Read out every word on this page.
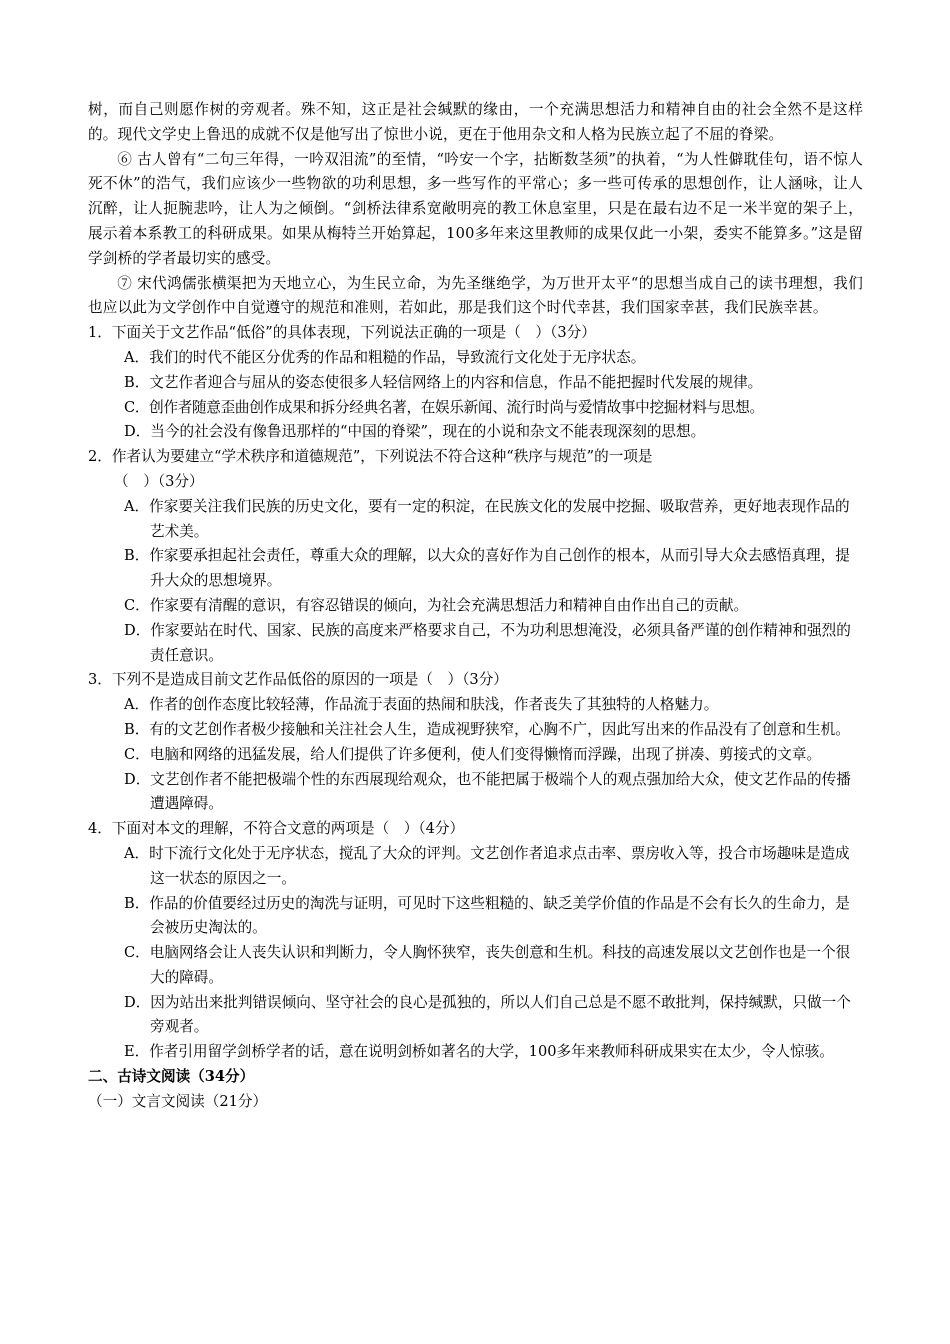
树，而自己则愿作树的旁观者。殊不知，这正是社会缄默的缘由，一个充满思想活力和精神自由的社会全然不是这样的。现代文学史上鲁迅的成就不仅是他写出了惊世小说，更在于他用杂文和人格为民族立起了不屈的脊梁。

⑥ 古人曾有“二句三年得，一吟双泪流”的至情，“吟安一个字，拈断数茎须”的执着，“为人性僻耽佳句，语不惊人死不休”的浩气，我们应该少一些物欲的功利思想，多一些写作的平常心；多一些可传承的思想创作，让人涵咏，让人沉醉，让人扼腕悲吟，让人为之倾倒。“剑桥法律系宽敞明亮的教工休息室里，只是在最右边不足一米半宽的架子上，展示着本系教工的科研成果。如果从梅特兰开始算起，100多年来这里教师的成果仅此一小架，委实不能算多。”这是留学剑桥的学者最切实的感受。

⑦ 宋代鸿儒张横渠把为天地立心，为生民立命，为先圣继绝学，为万世开太平“的思想当成自己的读书理想，我们也应以此为文学创作中自觉遵守的规范和准则，若如此，那是我们这个时代幸甚，我们国家幸甚，我们民族幸甚。

1．下面关于文艺作品“低俗”的具体表现，下列说法正确的一项是（　）（3分）

A．我们的时代不能区分优秀的作品和粗糙的作品，导致流行文化处于无序状态。

B．文艺作者迎合与屈从的姿态使很多人轻信网络上的内容和信息，作品不能把握时代发展的规律。

C．创作者随意歪曲创作成果和拆分经典名著，在娱乐新闻、流行时尚与爱情故事中挖掘材料与思想。

D．当今的社会没有像鲁迅那样的“中国的脊梁”，现在的小说和杂文不能表现深刻的思想。

2．作者认为要建立“学术秩序和道德规范”，下列说法不符合这种“秩序与规范”的一项是

（　）（3分）

A．作家要关注我们民族的历史文化，要有一定的积淀，在民族文化的发展中挖掘、吸取营养，更好地表现作品的艺术美。

B．作家要承担起社会责任，尊重大众的理解，以大众的喜好作为自己创作的根本，从而引导大众去感悟真理，提升大众的思想境界。

C．作家要有清醒的意识，有容忍错误的倾向，为社会充满思想活力和精神自由作出自己的贡献。

D．作家要站在时代、国家、民族的高度来严格要求自己，不为功利思想淹没，必须具备严谨的创作精神和强烈的责任意识。

3．下列不是造成目前文艺作品低俗的原因的一项是（　）（3分）

A．作者的创作态度比较轻薄，作品流于表面的热闹和肤浅，作者丧失了其独特的人格魅力。

B．有的文艺创作者极少接触和关注社会人生，造成视野狭窄，心胸不广，因此写出来的作品没有了创意和生机。

C．电脑和网络的迅猛发展，给人们提供了许多便利，使人们变得懒惰而浮躁，出现了拼凑、剪接式的文章。

D．文艺创作者不能把极端个性的东西展现给观众，也不能把属于极端个人的观点强加给大众，使文艺作品的传播遭遇障碍。

4．下面对本文的理解，不符合文意的两项是（　）（4分）

A．时下流行文化处于无序状态，搅乱了大众的评判。文艺创作者追求点击率、票房收入等，投合市场趣味是造成这一状态的原因之一。

B．作品的价值要经过历史的淘洗与证明，可见时下这些粗糙的、缺乏美学价值的作品是不会有长久的生命力，是会被历史淘汰的。

C．电脑网络会让人丧失认识和判断力，令人胸怀狭窄，丧失创意和生机。科技的高速发展以文艺创作也是一个很大的障碍。

D．因为站出来批判错误倾向、坚守社会的良心是孤独的，所以人们自己总是不愿不敢批判，保持缄默，只做一个旁观者。

E．作者引用留学剑桥学者的话，意在说明剑桥如著名的大学，100多年来教师科研成果实在太少，令人惊骇。

二、古诗文阅读（34分）

（一）文言文阅读（21分）
